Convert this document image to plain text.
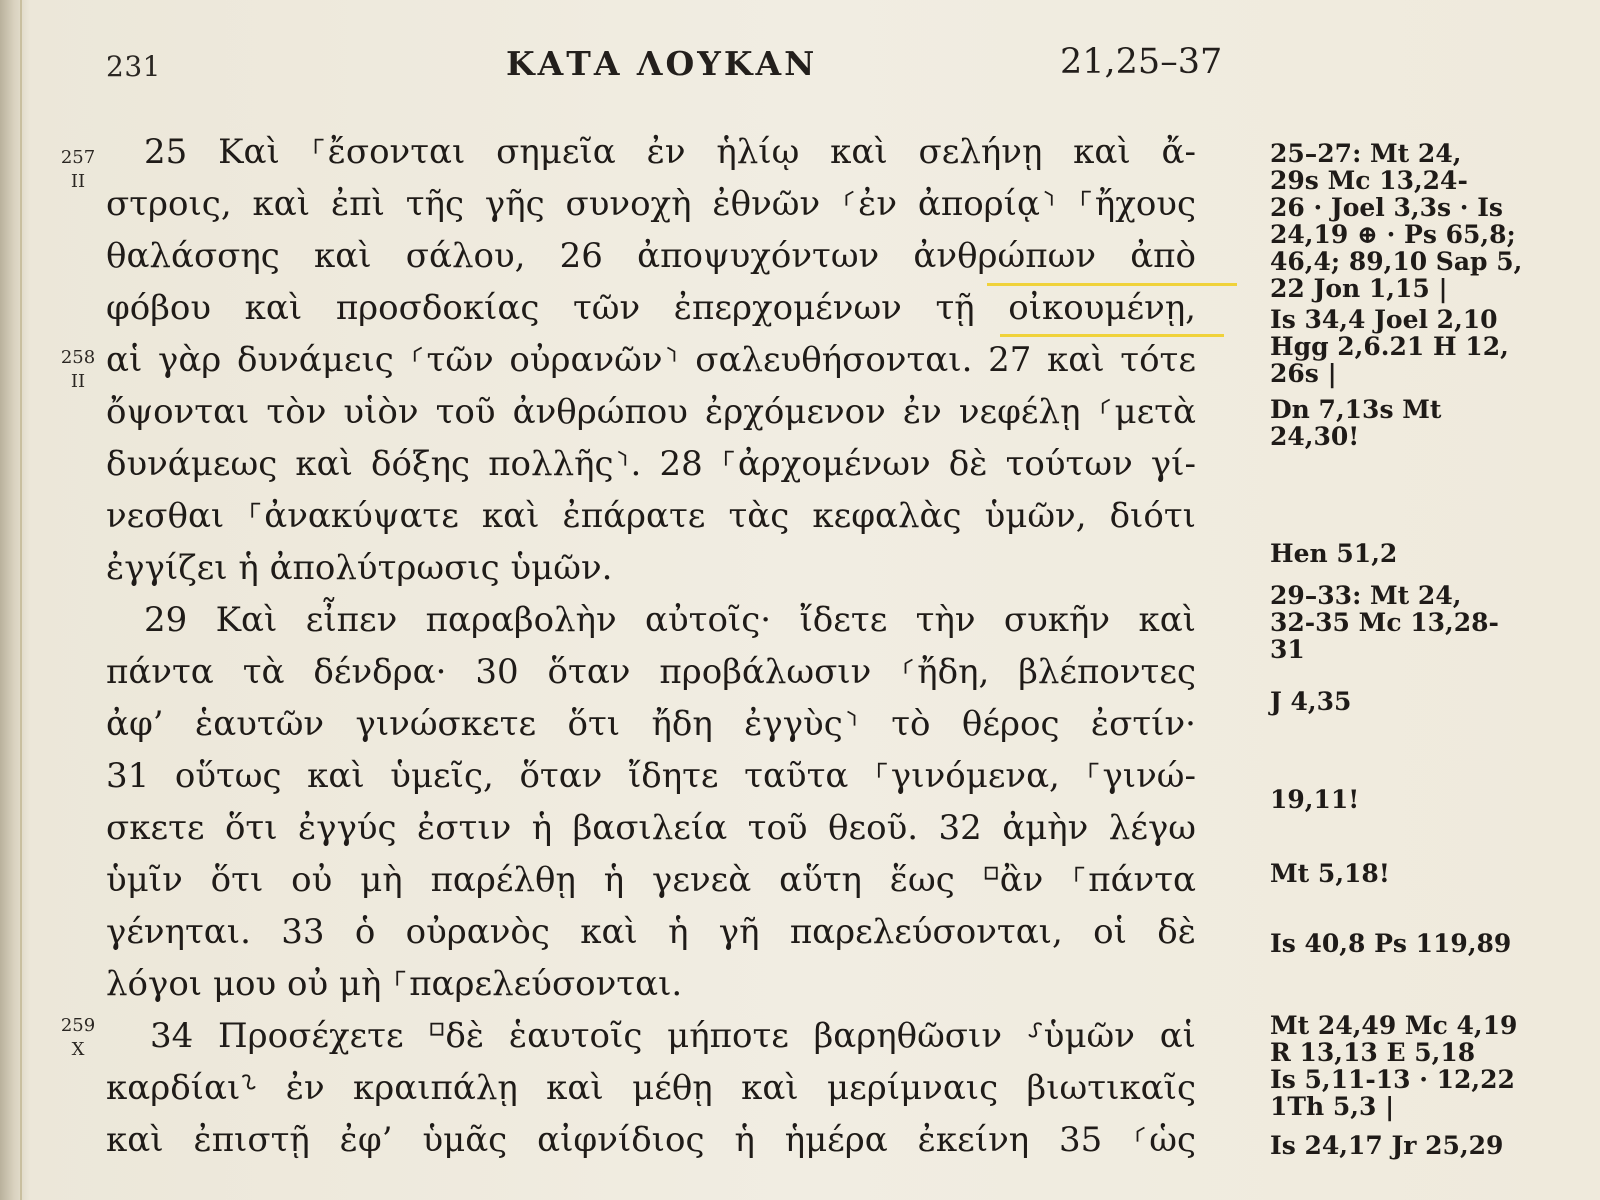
231	ΚΑΤΑ ΛΟΥΚΑΝ	21,25–37
257
II
258
II
259
X
25 Καὶ ⸀ἔσονται σημεῖα ἐν ἡλίῳ καὶ σελήνῃ καὶ ἄ-
στροις, καὶ ἐπὶ τῆς γῆς συνοχὴ ἐθνῶν ⸂ἐν ἀπορίᾳ⸃ ⸀ἤχους
θαλάσσης καὶ σάλου, 26 ἀποψυχόντων ἀνθρώπων ἀπὸ
φόβου καὶ προσδοκίας τῶν ἐπερχομένων τῇ οἰκουμένῃ,
αἱ γὰρ δυνάμεις ⸂τῶν οὐρανῶν⸃ σαλευθήσονται. 27 καὶ τότε
ὄψονται τὸν υἱὸν τοῦ ἀνθρώπου ἐρχόμενον ἐν νεφέλῃ ⸂μετὰ
δυνάμεως καὶ δόξης πολλῆς⸃. 28 ⸀ἀρχομένων δὲ τούτων γί-
νεσθαι ⸀ἀνακύψατε καὶ ἐπάρατε τὰς κεφαλὰς ὑμῶν, διότι
ἐγγίζει ἡ ἀπολύτρωσις ὑμῶν.
29 Καὶ εἶπεν παραβολὴν αὐτοῖς· ἴδετε τὴν συκῆν καὶ
πάντα τὰ δένδρα· 30 ὅταν προβάλωσιν ⸂ἤδη, βλέποντες
ἀφ’ ἑαυτῶν γινώσκετε ὅτι ἤδη ἐγγὺς⸃ τὸ θέρος ἐστίν·
31 οὕτως καὶ ὑμεῖς, ὅταν ἴδητε ταῦτα ⸀γινόμενα, ⸀γινώ-
σκετε ὅτι ἐγγύς ἐστιν ἡ βασιλεία τοῦ θεοῦ. 32 ἀμὴν λέγω
ὑμῖν ὅτι οὐ μὴ παρέλθῃ ἡ γενεὰ αὕτη ἕως ⸋ἂν ⸀πάντα
γένηται. 33 ὁ οὐρανὸς καὶ ἡ γῆ παρελεύσονται, οἱ δὲ
λόγοι μου οὐ μὴ ⸀παρελεύσονται.
34 Προσέχετε ⸋δὲ ἑαυτοῖς μήποτε βαρηθῶσιν ⸉ὑμῶν αἱ
καρδίαι⸊ ἐν κραιπάλῃ καὶ μέθῃ καὶ μερίμναις βιωτικαῖς
καὶ ἐπιστῇ ἐφ’ ὑμᾶς αἰφνίδιος ἡ ἡμέρα ἐκείνη 35 ⸂ὡς
25–27: Mt 24,
29s Mc 13,24-
26 · Joel 3,3s · Is
24,19 ⊕ · Ps 65,8;
46,4; 89,10 Sap 5,
22 Jon 1,15 |
Is 34,4 Joel 2,10
Hgg 2,6.21 H 12,
26s |
Dn 7,13s Mt
24,30!
Hen 51,2
29–33: Mt 24,
32-35 Mc 13,28-
31
J 4,35
19,11!
Mt 5,18!
Is 40,8 Ps 119,89
Mt 24,49 Mc 4,19
R 13,13 E 5,18
Is 5,11-13 · 12,22
1Th 5,3 |
Is 24,17 Jr 25,29
